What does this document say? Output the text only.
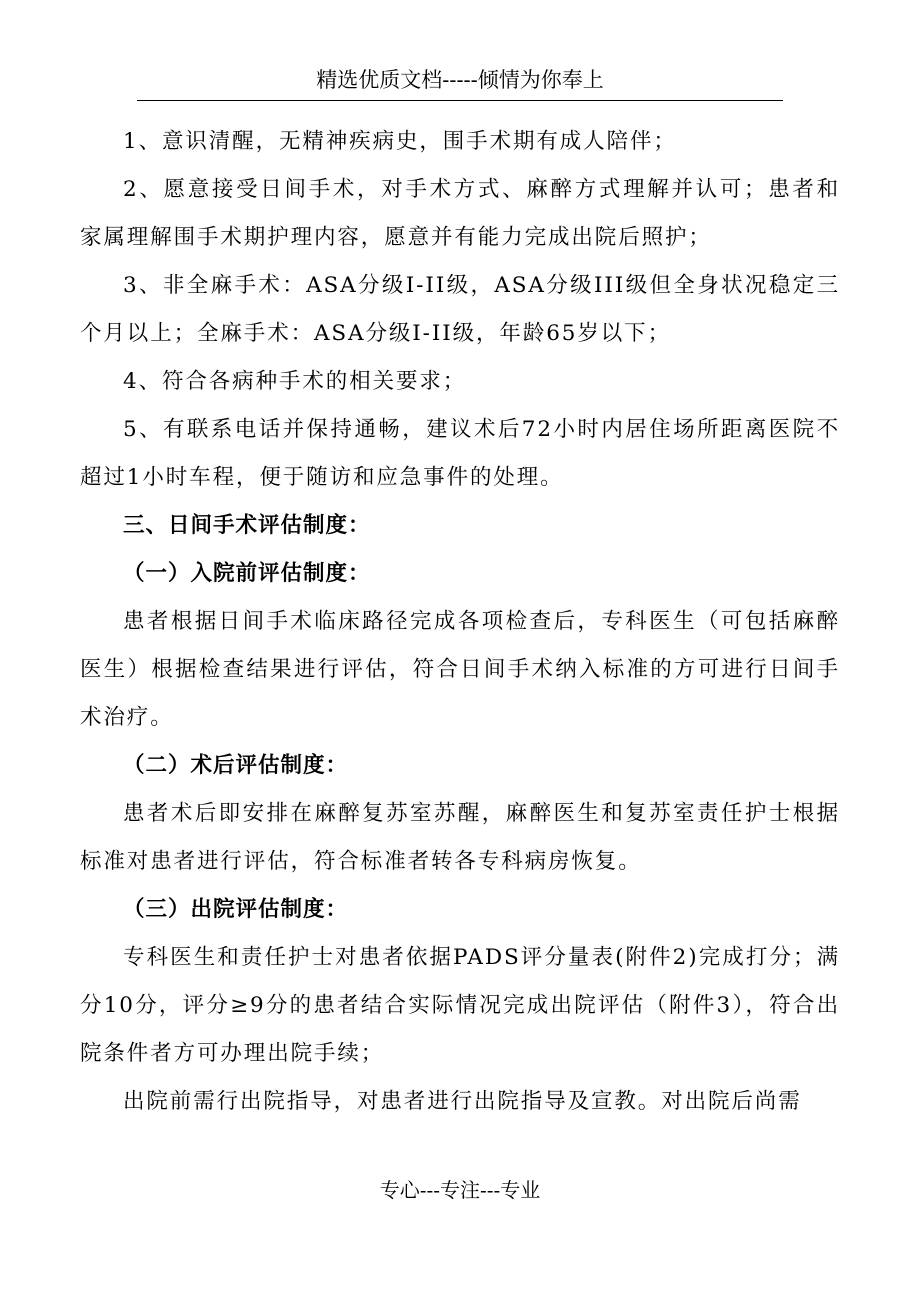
精选优质文档-----倾情为你奉上

1、意识清醒，无精神疾病史，围手术期有成人陪伴；

2、愿意接受日间手术，对手术方式、麻醉方式理解并认可；患者和家属理解围手术期护理内容，愿意并有能力完成出院后照护；

3、非全麻手术：ASA分级I-II级，ASA分级III级但全身状况稳定三个月以上；全麻手术：ASA分级I-II级，年龄65岁以下；

4、符合各病种手术的相关要求；

5、有联系电话并保持通畅，建议术后72小时内居住场所距离医院不超过1小时车程，便于随访和应急事件的处理。

三、日间手术评估制度：

（一）入院前评估制度：

患者根据日间手术临床路径完成各项检查后，专科医生（可包括麻醉医生）根据检查结果进行评估，符合日间手术纳入标准的方可进行日间手术治疗。

（二）术后评估制度：

患者术后即安排在麻醉复苏室苏醒，麻醉医生和复苏室责任护士根据标准对患者进行评估，符合标准者转各专科病房恢复。

（三）出院评估制度：

专科医生和责任护士对患者依据PADS评分量表(附件2)完成打分；满分10分，评分≥9分的患者结合实际情况完成出院评估（附件3），符合出院条件者方可办理出院手续；

出院前需行出院指导，对患者进行出院指导及宣教。对出院后尚需

专心---专注---专业
